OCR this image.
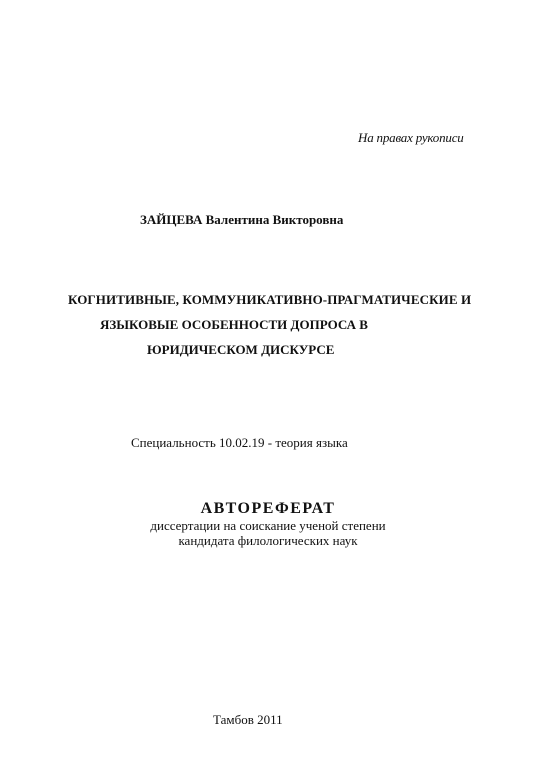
На правах рукописи
ЗАЙЦЕВА Валентина Викторовна
КОГНИТИВНЫЕ, КОММУНИКАТИВНО-ПРАГМАТИЧЕСКИЕ И
ЯЗЫКОВЫЕ ОСОБЕННОСТИ ДОПРОСА В
ЮРИДИЧЕСКОМ ДИСКУРСЕ
Специальность 10.02.19 - теория языка
АВТОРЕФЕРАТ
диссертации на соискание ученой степени
кандидата филологических наук
Тамбов 2011
